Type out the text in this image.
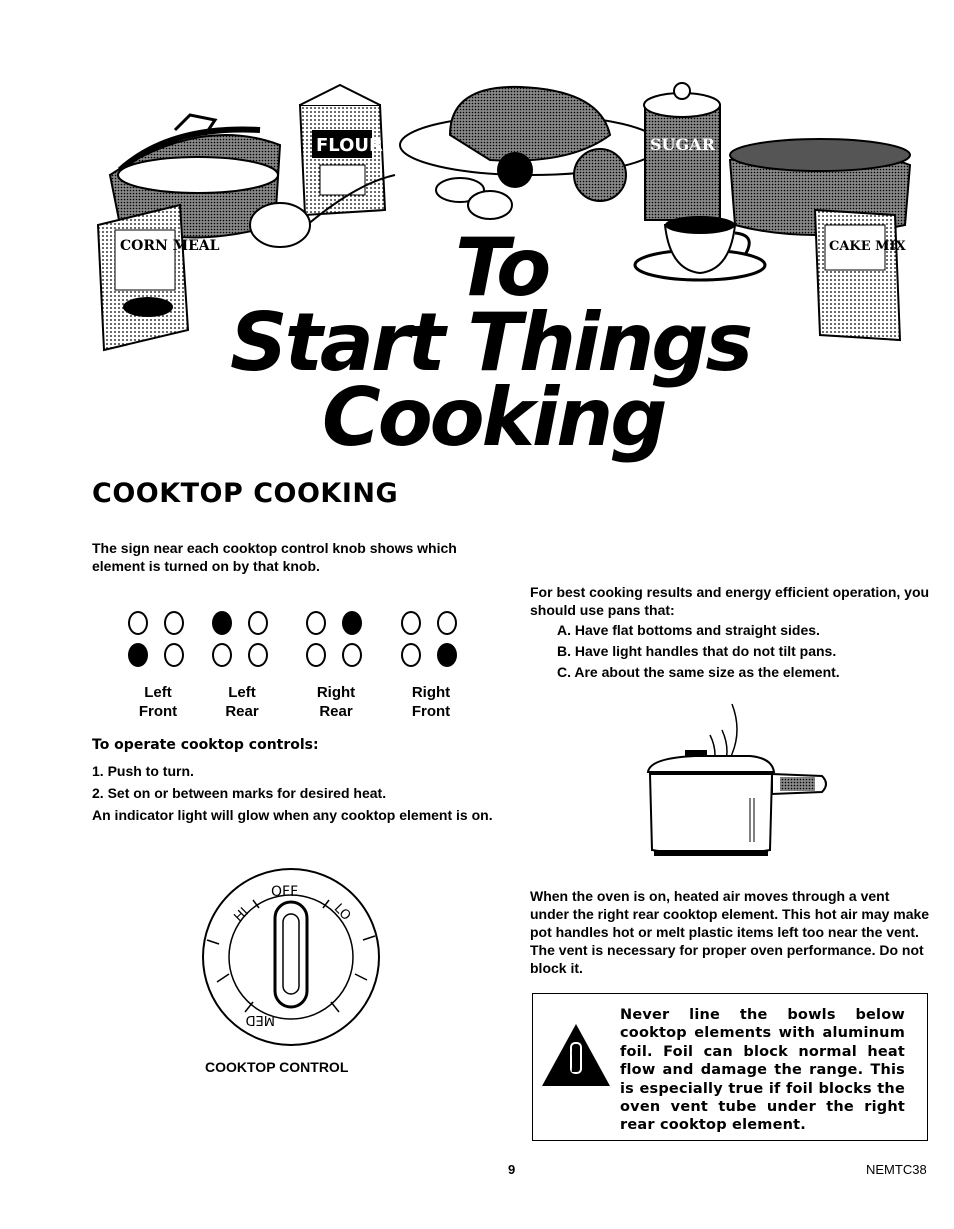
CORN MEAL
FLOUR	SUGAR
CAKE MIX
To
Start Things
Cooking
COOKTOP COOKING
The sign near each cooktop control knob shows which element is turned on by that knob.
Left
Front
Left
Rear
Right
Rear
Right
Front
To operate cooktop controls:
1. Push to turn.
2. Set on or between marks for desired heat.
An indicator light will glow when any cooktop element is on.
OFF
HI	LO
MED
COOKTOP CONTROL
For best cooking results and energy efficient operation, you should use pans that:
A. Have flat bottoms and straight sides.
B. Have light handles that do not tilt pans.
C. Are about the same size as the element.
When the oven is on, heated air moves through a vent under the right rear cooktop element. This hot air may make pot handles hot or melt plastic items left too near the vent. The vent is necessary for proper oven performance. Do not block it.
!
Never line the bowls below cooktop elements with aluminum foil. Foil can block normal heat flow and damage the range. This is especially true if foil blocks the oven vent tube under the right rear cooktop element.
9	NEMTC38
